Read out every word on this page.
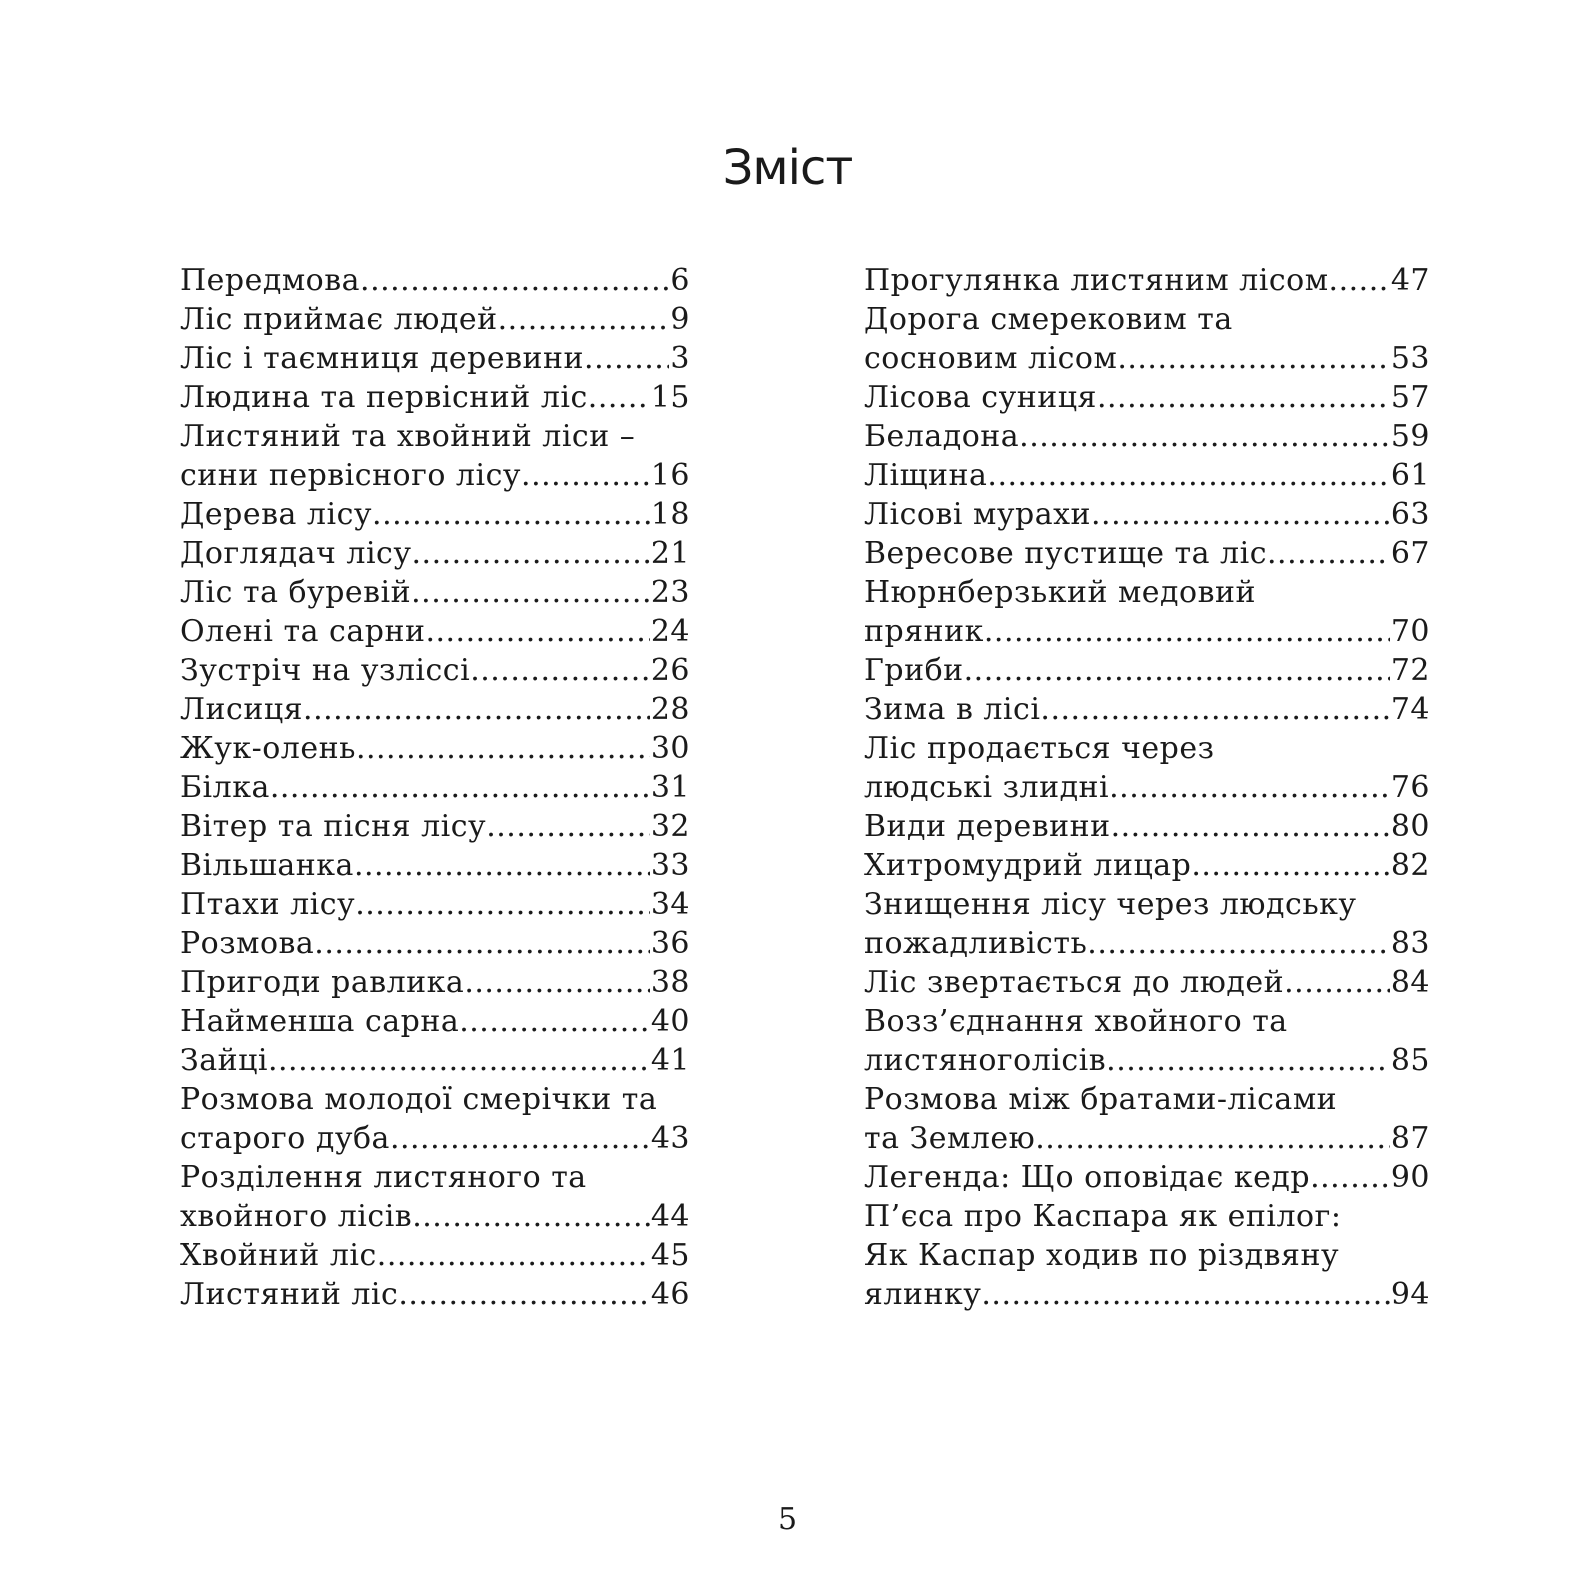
Зміст
Передмова .....	6
Ліс приймає людей .....	9
Ліс і таємниця деревини .....	3
Людина та первісний ліс ..... 15
Листяний та хвойний ліси –
сини первісного лісу .....	16
Дерева лісу .....	18
Доглядач лісу .....	21
Ліс та буревій .....	23
Олені та сарни .....	24
Зустріч на узліссі .....	26
Лисиця .....	28
Жук-олень .....	30
Білка .....	31
Вітер та пісня лісу .....	32
Вільшанка .....	33
Птахи лісу .....	34
Розмова .....	36
Пригоди равлика .....	38
Найменша сарна .....	40
Зайці .....	41
Розмова молодої смерічки та
старого дуба .....	43
Розділення листяного та
хвойного лісів .....	44
Хвойний ліс .....	45
Листяний ліс .....	46
Прогулянка листяним лісом ..... 47
Дорога смерековим та
сосновим лісом .....	53
Лісова суниця .....	57
Беладона .....	59
Ліщина .....	61
Лісові мурахи .....	63
Вересове пустище та ліс .....	67
Нюрнберзький медовий
пряник .....	70
Гриби .....	72
Зима в лісі .....	74
Ліс продається через
людські злидні .....	76
Види деревини .....	80
Хитромудрий лицар .....	82
Знищення лісу через людську
пожадливість .....	83
Ліс звертається до людей .....	84
Возз’єднання хвойного та
листяноголісів .....	85
Розмова між братами-лісами
та Землею .....	87
Легенда: Що оповідає кедр .....	90
П’єса про Каспара як епілог:
Як Каспар ходив по різдвяну
ялинку .....	94
5
